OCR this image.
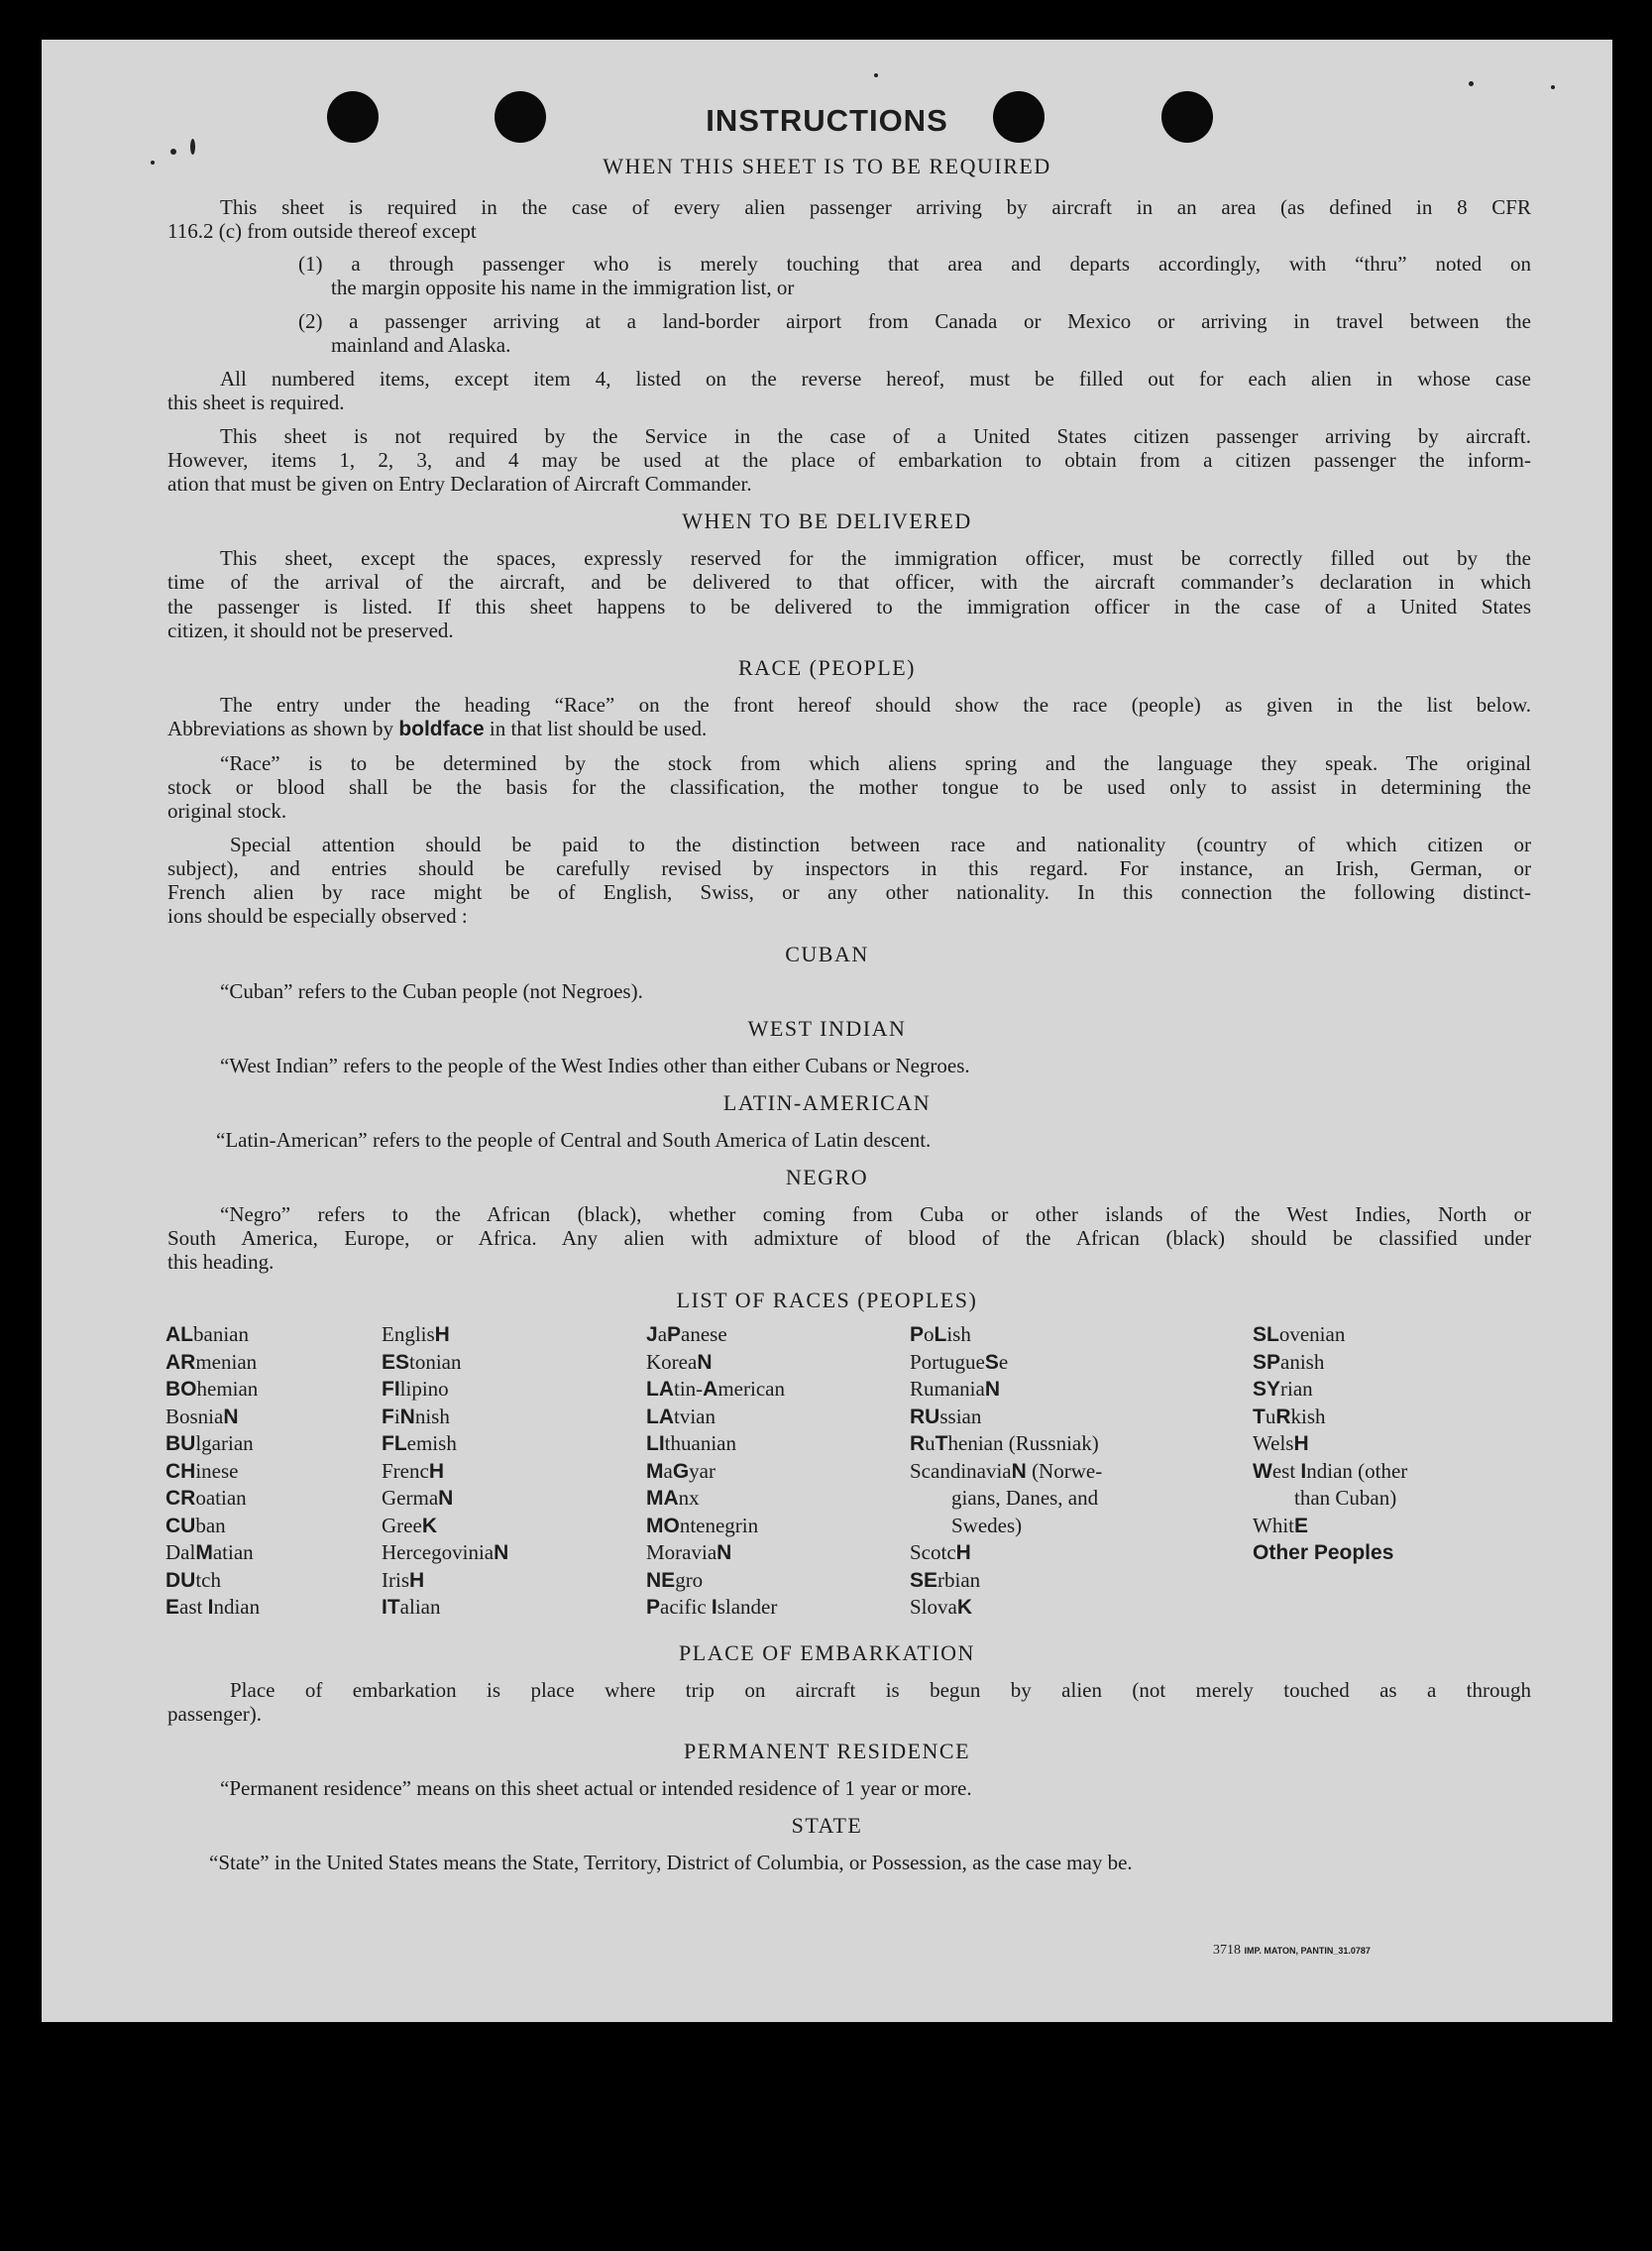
INSTRUCTIONS

WHEN THIS SHEET IS TO BE REQUIRED

This sheet is required in the case of every alien passenger arriving by aircraft in an area (as defined in 8 CFR

116.2 (c) from outside thereof except

(1) a through passenger who is merely touching that area and departs accordingly, with “thru” noted on

the margin opposite his name in the immigration list, or

(2) a passenger arriving at a land-border airport from Canada or Mexico or arriving in travel between the

mainland and Alaska.

All numbered items, except item 4, listed on the reverse hereof, must be filled out for each alien in whose case

this sheet is required.

This sheet is not required by the Service in the case of a United States citizen passenger arriving by aircraft.

However, items 1, 2, 3, and 4 may be used at the place of embarkation to obtain from a citizen passenger the inform-

ation that must be given on Entry Declaration of Aircraft Commander.

WHEN TO BE DELIVERED

This sheet, except the spaces, expressly reserved for the immigration officer, must be correctly filled out by the

time of the arrival of the aircraft, and be delivered to that officer, with the aircraft commander’s declaration in which

the passenger is listed. If this sheet happens to be delivered to the immigration officer in the case of a United States

citizen, it should not be preserved.

RACE (PEOPLE)

The entry under the heading “Race” on the front hereof should show the race (people) as given in the list below.

Abbreviations as shown by boldface in that list should be used.

“Race” is to be determined by the stock from which aliens spring and the language they speak. The original

stock or blood shall be the basis for the classification, the mother tongue to be used only to assist in determining the

original stock.

Special attention should be paid to the distinction between race and nationality (country of which citizen or

subject), and entries should be carefully revised by inspectors in this regard. For instance, an Irish, German, or

French alien by race might be of English, Swiss, or any other nationality. In this connection the following distinct-

ions should be especially observed :

CUBAN

“Cuban” refers to the Cuban people (not Negroes).

WEST INDIAN

“West Indian” refers to the people of the West Indies other than either Cubans or Negroes.

LATIN-AMERICAN

“Latin-American” refers to the people of Central and South America of Latin descent.

NEGRO

“Negro” refers to the African (black), whether coming from Cuba or other islands of the West Indies, North or

South America, Europe, or Africa. Any alien with admixture of blood of the African (black) should be classified under

this heading.

LIST OF RACES (PEOPLES)

ALbanian

ARmenian

BOhemian

BosniaN

BUlgarian

CHinese

CRoatian

CUban

DalMatian

DUtch

East Indian

EnglisH

EStonian

FIlipino

FiNnish

FLemish

FrencH

GermaN

GreeK

HercegoviniaN

IrisH

ITalian

JaPanese

KoreaN

LAtin-American

LAtvian

LIthuanian

MaGyar

MAnx

MOntenegrin

MoraviaN

NEgro

Pacific Islander

PoLish

PortugueSe

RumaniaN

RUssian

RuThenian (Russniak)

ScandinaviaN (Norwe-

gians, Danes, and

Swedes)

ScotcH

SErbian

SlovaK

SLovenian

SPanish

SYrian

TuRkish

WelsH

West Indian (other

than Cuban)

WhitE

Other Peoples

PLACE OF EMBARKATION

Place of embarkation is place where trip on aircraft is begun by alien (not merely touched as a through

passenger).

PERMANENT RESIDENCE

“Permanent residence” means on this sheet actual or intended residence of 1 year or more.

STATE

“State” in the United States means the State, Territory, District of Columbia, or Possession, as the case may be.

3718 IMP. MATON, PANTIN_31.0787
